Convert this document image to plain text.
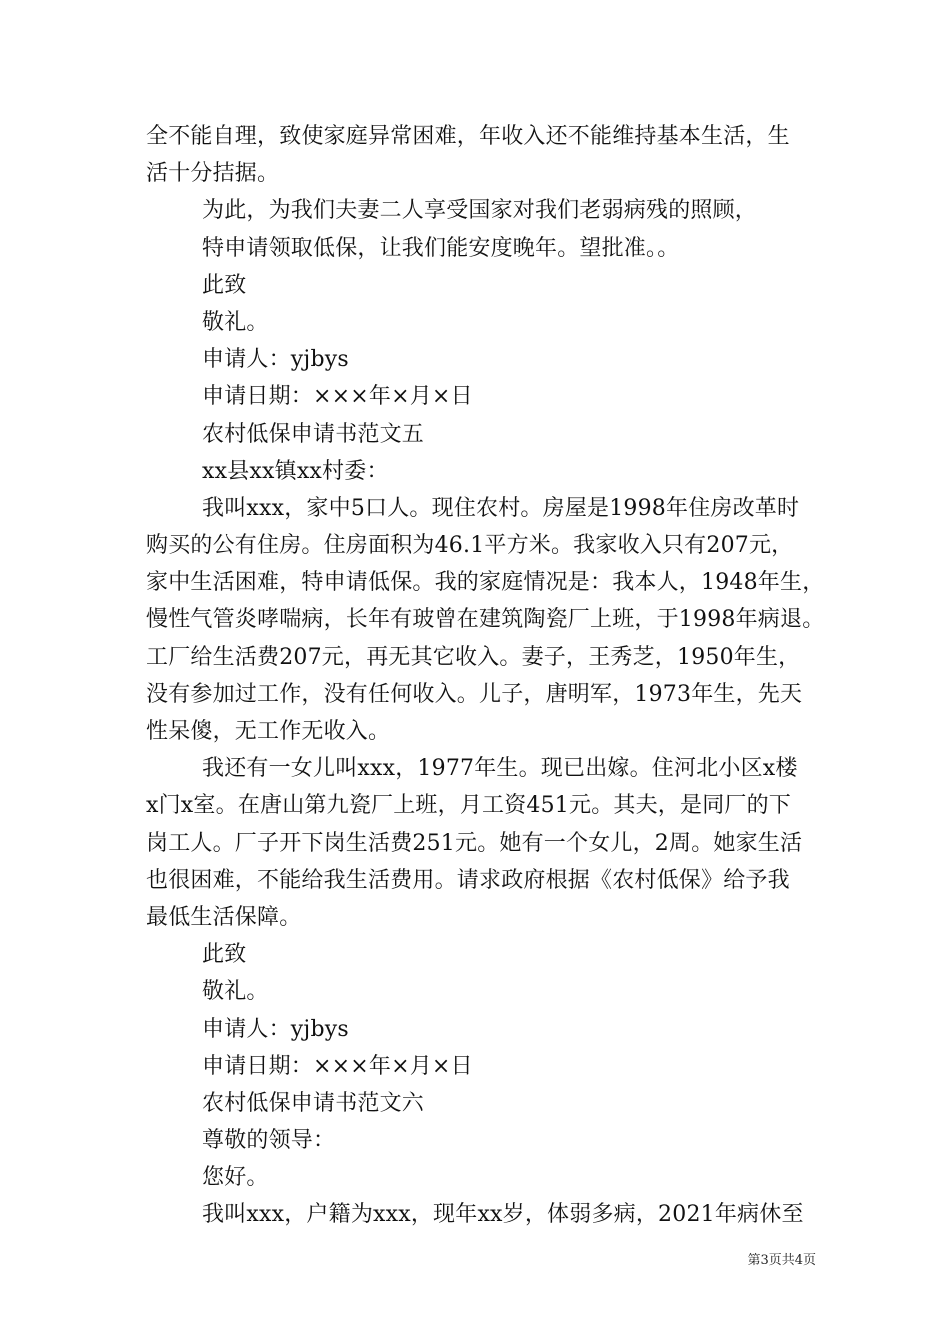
全不能自理，致使家庭异常困难，年收入还不能维持基本生活，生
活十分拮据。
为此，为我们夫妻二人享受国家对我们老弱病残的照顾，
特申请领取低保，让我们能安度晚年。望批准。。
此致
敬礼。
申请人：yjbys
申请日期：×××年×月×日
农村低保申请书范文五
xx县xx镇xx村委：
我叫xxx，家中5口人。现住农村。房屋是1998年住房改革时
购买的公有住房。住房面积为46.1平方米。我家收入只有207元，
家中生活困难，特申请低保。我的家庭情况是：我本人，1948年生，
慢性气管炎哮喘病，长年有玻曾在建筑陶瓷厂上班，于1998年病退。
工厂给生活费207元，再无其它收入。妻子，王秀芝，1950年生，
没有参加过工作，没有任何收入。儿子，唐明军，1973年生，先天
性呆傻，无工作无收入。
我还有一女儿叫xxx，1977年生。现已出嫁。住河北小区x楼
x门x室。在唐山第九瓷厂上班，月工资451元。其夫，是同厂的下
岗工人。厂子开下岗生活费251元。她有一个女儿，2周。她家生活
也很困难，不能给我生活费用。请求政府根据《农村低保》给予我
最低生活保障。
此致
敬礼。
申请人：yjbys
申请日期：×××年×月×日
农村低保申请书范文六
尊敬的领导：
您好。
我叫xxx，户籍为xxx，现年xx岁，体弱多病，2021年病休至
第3页共4页
